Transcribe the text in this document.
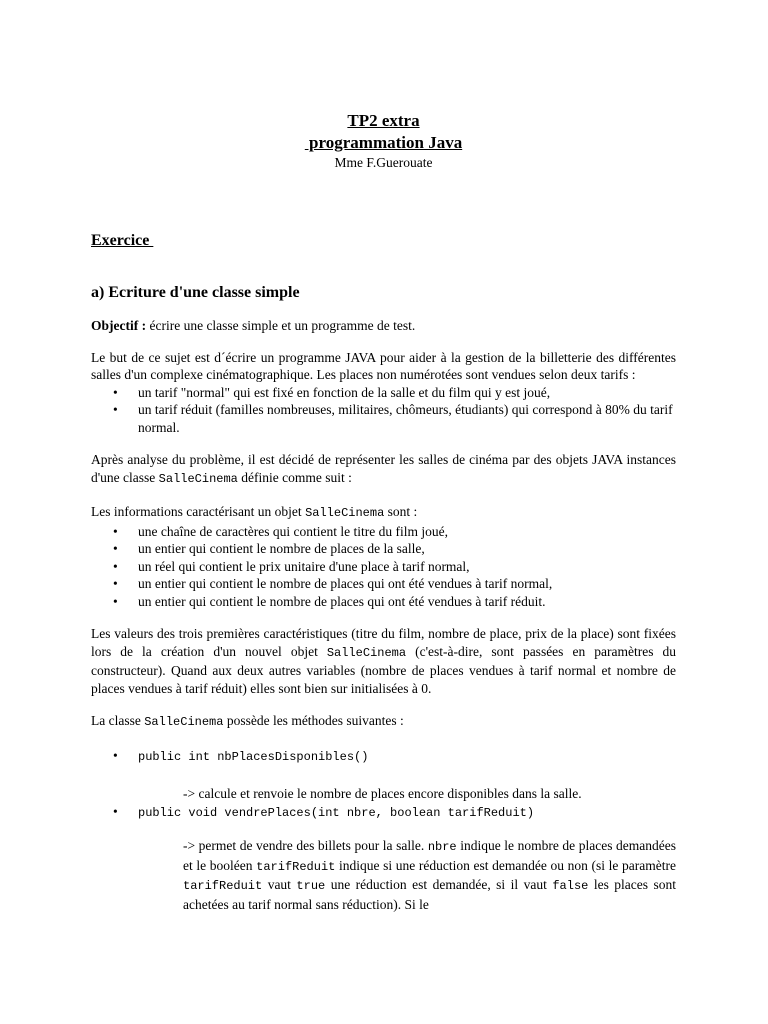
TP2 extra
programmation Java
Mme F.Guerouate
Exercice
a) Ecriture d'une classe simple

Objectif : écrire une classe simple et un programme de test.

Le but de ce sujet est d´écrire un programme JAVA pour aider à la gestion de la billetterie des différentes salles d'un complexe cinématographique. Les places non numérotées sont vendues selon deux tarifs :

• un tarif "normal" qui est fixé en fonction de la salle et du film qui y est joué,
• un tarif réduit (familles nombreuses, militaires, chômeurs, étudiants) qui correspond à 80% du tarif normal.

Après analyse du problème, il est décidé de représenter les salles de cinéma par des objets JAVA instances d'une classe SalleCinema définie comme suit :

Les informations caractérisant un objet SalleCinema sont :

• une chaîne de caractères qui contient le titre du film joué,
• un entier qui contient le nombre de places de la salle,
• un réel qui contient le prix unitaire d'une place à tarif normal,
• un entier qui contient le nombre de places qui ont été vendues à tarif normal,
• un entier qui contient le nombre de places qui ont été vendues à tarif réduit.

Les valeurs des trois premières caractéristiques (titre du film, nombre de place, prix de la place) sont fixées lors de la création d'un nouvel objet SalleCinema (c'est-à-dire, sont passées en paramètres du constructeur). Quand aux deux autres variables (nombre de places vendues à tarif normal et nombre de places vendues à tarif réduit) elles sont bien sur initialisées à 0.

La classe SalleCinema possède les méthodes suivantes :

• public int nbPlacesDisponibles()
-> calcule et renvoie le nombre de places encore disponibles dans la salle.
• public void vendrePlaces(int nbre, boolean tarifReduit)
-> permet de vendre des billets pour la salle. nbre indique le nombre de places demandées et le booléen tarifReduit indique si une réduction est demandée ou non (si le paramètre tarifReduit vaut true une réduction est demandée, si il vaut false les places sont achetées au tarif normal sans réduction). Si le
